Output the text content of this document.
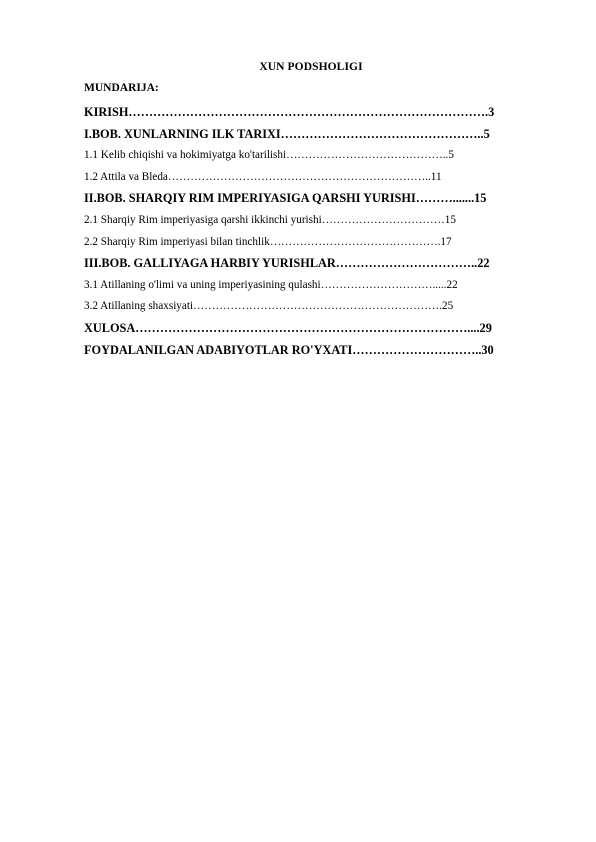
XUN PODSHOLIGI
MUNDARIJA:
KIRISH…………………………………………………………………………….3
I.BOB. XUNLARNING ILK TARIXI…………………………………………..5
1.1 Kelib chiqishi va hokimiyatga ko'tarilishi……………………………………..5
1.2 Attila va Bleda……………………………………………………………..11
II.BOB. SHARQIY RIM IMPERIYASIGA QARSHI YURISHI……….......15
2.1 Sharqiy Rim imperiyasiga qarshi ikkinchi yurishi……………………………15
2.2 Sharqiy Rim imperiyasi bilan tinchlik……………………………………….17
III.BOB. GALLIYAGA HARBIY YURISHLAR……………………………..22
3.1 Atillaning o'limi va uning imperiyasining qulashi………………………….....22
3.2 Atillaning shaxsiyati………………………………………………………….25
XULOSA………………………………………………………………………....29
FOYDALANILGAN ADABIYOTLAR RO'YXATI…………………………..30
